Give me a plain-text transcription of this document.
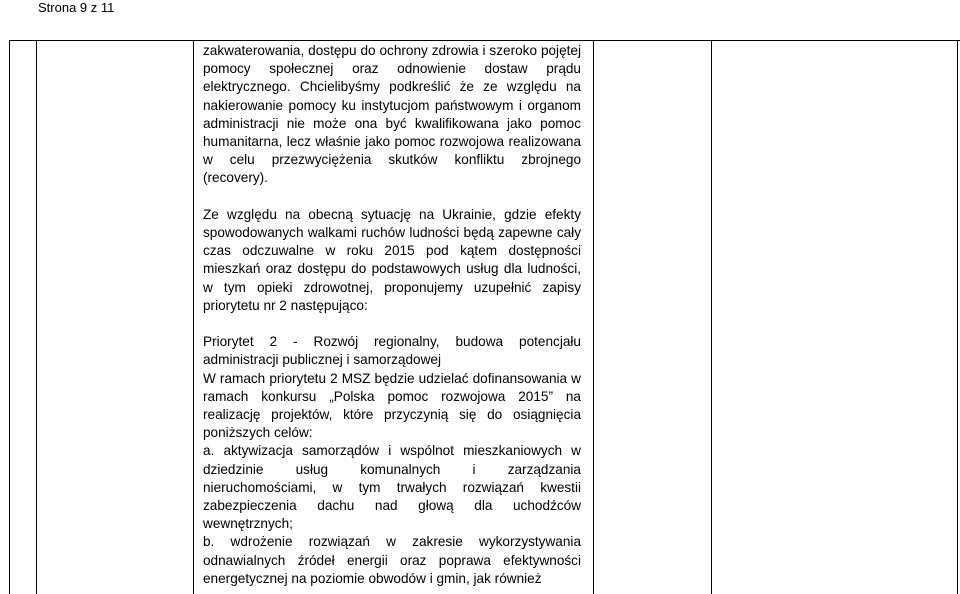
Strona 9 z 11

zakwaterowania, dostępu do ochrony zdrowia i szeroko pojętej pomocy społecznej oraz odnowienie dostaw prądu elektrycznego. Chcielibyśmy podkreślić że ze względu na nakierowanie pomocy ku instytucjom państwowym i organom administracji nie może ona być kwalifikowana jako pomoc humanitarna, lecz właśnie jako pomoc rozwojowa realizowana w celu przezwyciężenia skutków konfliktu zbrojnego (recovery).

Ze względu na obecną sytuację na Ukrainie, gdzie efekty spowodowanych walkami ruchów ludności będą zapewne cały czas odczuwalne w roku 2015 pod kątem dostępności mieszkań oraz dostępu do podstawowych usług dla ludności, w tym opieki zdrowotnej, proponujemy uzupełnić zapisy priorytetu nr 2 następująco:

Priorytet 2 - Rozwój regionalny, budowa potencjału administracji publicznej i samorządowej

W ramach priorytetu 2 MSZ będzie udzielać dofinansowania w ramach konkursu „Polska pomoc rozwojowa 2015” na realizację projektów, które przyczynią się do osiągnięcia poniższych celów:

a. aktywizacja samorządów i wspólnot mieszkaniowych w dziedzinie usług komunalnych i zarządzania nieruchomościami, w tym trwałych rozwiązań kwestii zabezpieczenia dachu nad głową dla uchodźców wewnętrznych;

b. wdrożenie rozwiązań w zakresie wykorzystywania odnawialnych źródeł energii oraz poprawa efektywności energetycznej na poziomie obwodów i gmin, jak również
